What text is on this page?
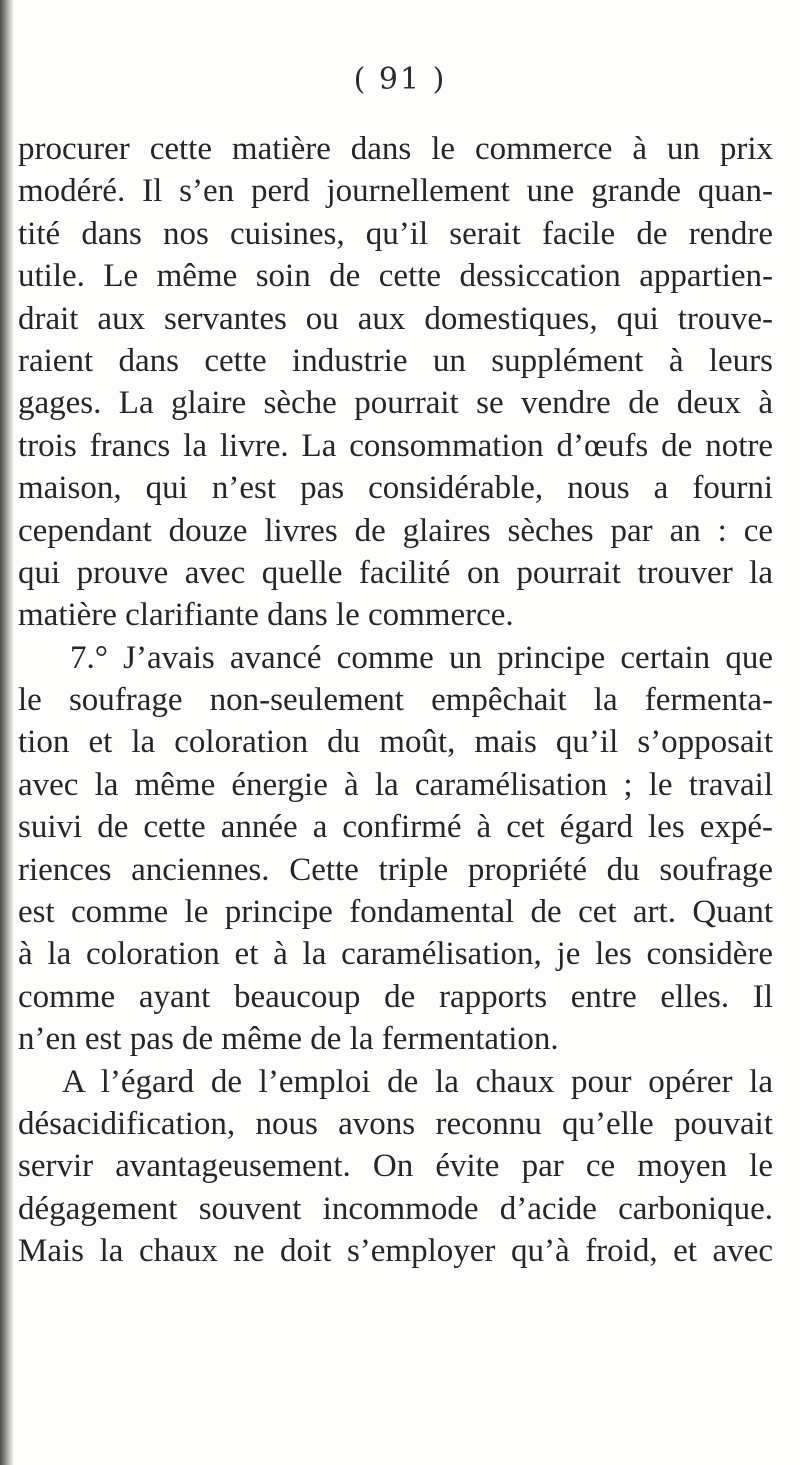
( 91 )
procurer cette matière dans le commerce à un prix
modéré. Il s’en perd journellement une grande quan-
tité dans nos cuisines, qu’il serait facile de rendre
utile. Le même soin de cette dessiccation appartien-
drait aux servantes ou aux domestiques, qui trouve-
raient dans cette industrie un supplément à leurs
gages. La glaire sèche pourrait se vendre de deux à
trois francs la livre. La consommation d’œufs de notre
maison, qui n’est pas considérable, nous a fourni
cependant douze livres de glaires sèches par an : ce
qui prouve avec quelle facilité on pourrait trouver la
matière clarifiante dans le commerce.
7.° J’avais avancé comme un principe certain que
le soufrage non-seulement empêchait la fermenta-
tion et la coloration du moût, mais qu’il s’opposait
avec la même énergie à la caramélisation ; le travail
suivi de cette année a confirmé à cet égard les expé-
riences anciennes. Cette triple propriété du soufrage
est comme le principe fondamental de cet art. Quant
à la coloration et à la caramélisation, je les considère
comme ayant beaucoup de rapports entre elles. Il
n’en est pas de même de la fermentation.
A l’égard de l’emploi de la chaux pour opérer la
désacidification, nous avons reconnu qu’elle pouvait
servir avantageusement. On évite par ce moyen le
dégagement souvent incommode d’acide carbonique.
Mais la chaux ne doit s’employer qu’à froid, et avec
